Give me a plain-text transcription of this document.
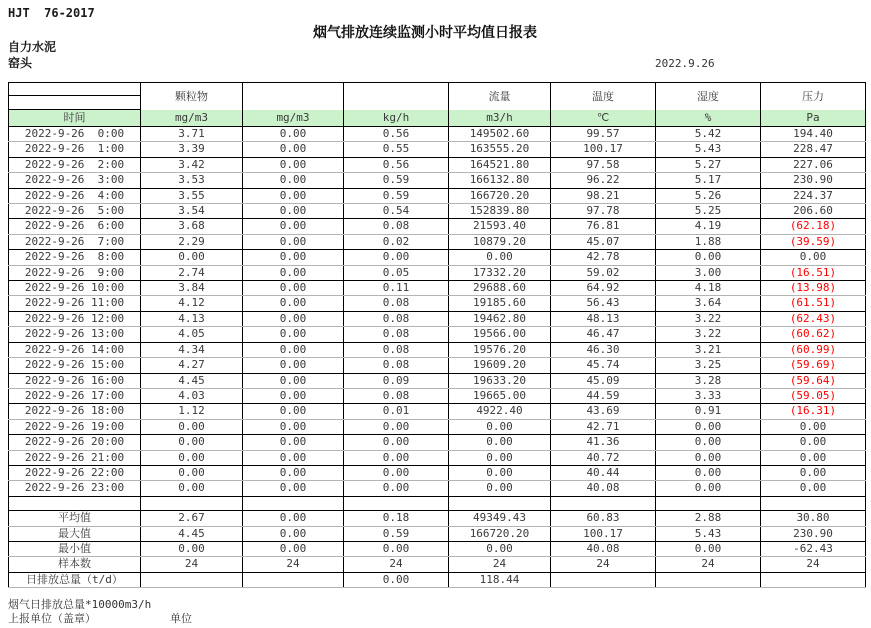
HJT  76-2017
烟气排放连续监测小时平均值日报表
自力水泥
窑头	2022.9.26
	颗粒物			流量	温度	湿度	压力

时间	mg/m3	mg/m3	kg/h	m3/h	℃	%	Pa
2022-9-26  0:00	3.71	0.00	0.56	149502.60	99.57	5.42	194.40
2022-9-26  1:00	3.39	0.00	0.55	163555.20	100.17	5.43	228.47
2022-9-26  2:00	3.42	0.00	0.56	164521.80	97.58	5.27	227.06
2022-9-26  3:00	3.53	0.00	0.59	166132.80	96.22	5.17	230.90
2022-9-26  4:00	3.55	0.00	0.59	166720.20	98.21	5.26	224.37
2022-9-26  5:00	3.54	0.00	0.54	152839.80	97.78	5.25	206.60
2022-9-26  6:00	3.68	0.00	0.08	21593.40	76.81	4.19	(62.18)
2022-9-26  7:00	2.29	0.00	0.02	10879.20	45.07	1.88	(39.59)
2022-9-26  8:00	0.00	0.00	0.00	0.00	42.78	0.00	0.00
2022-9-26  9:00	2.74	0.00	0.05	17332.20	59.02	3.00	(16.51)
2022-9-26 10:00	3.84	0.00	0.11	29688.60	64.92	4.18	(13.98)
2022-9-26 11:00	4.12	0.00	0.08	19185.60	56.43	3.64	(61.51)
2022-9-26 12:00	4.13	0.00	0.08	19462.80	48.13	3.22	(62.43)
2022-9-26 13:00	4.05	0.00	0.08	19566.00	46.47	3.22	(60.62)
2022-9-26 14:00	4.34	0.00	0.08	19576.20	46.30	3.21	(60.99)
2022-9-26 15:00	4.27	0.00	0.08	19609.20	45.74	3.25	(59.69)
2022-9-26 16:00	4.45	0.00	0.09	19633.20	45.09	3.28	(59.64)
2022-9-26 17:00	4.03	0.00	0.08	19665.00	44.59	3.33	(59.05)
2022-9-26 18:00	1.12	0.00	0.01	4922.40	43.69	0.91	(16.31)
2022-9-26 19:00	0.00	0.00	0.00	0.00	42.71	0.00	0.00
2022-9-26 20:00	0.00	0.00	0.00	0.00	41.36	0.00	0.00
2022-9-26 21:00	0.00	0.00	0.00	0.00	40.72	0.00	0.00
2022-9-26 22:00	0.00	0.00	0.00	0.00	40.44	0.00	0.00
2022-9-26 23:00	0.00	0.00	0.00	0.00	40.08	0.00	0.00

平均值	2.67	0.00	0.18	49349.43	60.83	2.88	30.80
最大值	4.45	0.00	0.59	166720.20	100.17	5.43	230.90
最小值	0.00	0.00	0.00	0.00	40.08	0.00	-62.43
样本数	24	24	24	24	24	24	24
日排放总量（t/d）			0.00	118.44			
烟气日排放总量*10000m3/h
上报单位（盖章）	单位
